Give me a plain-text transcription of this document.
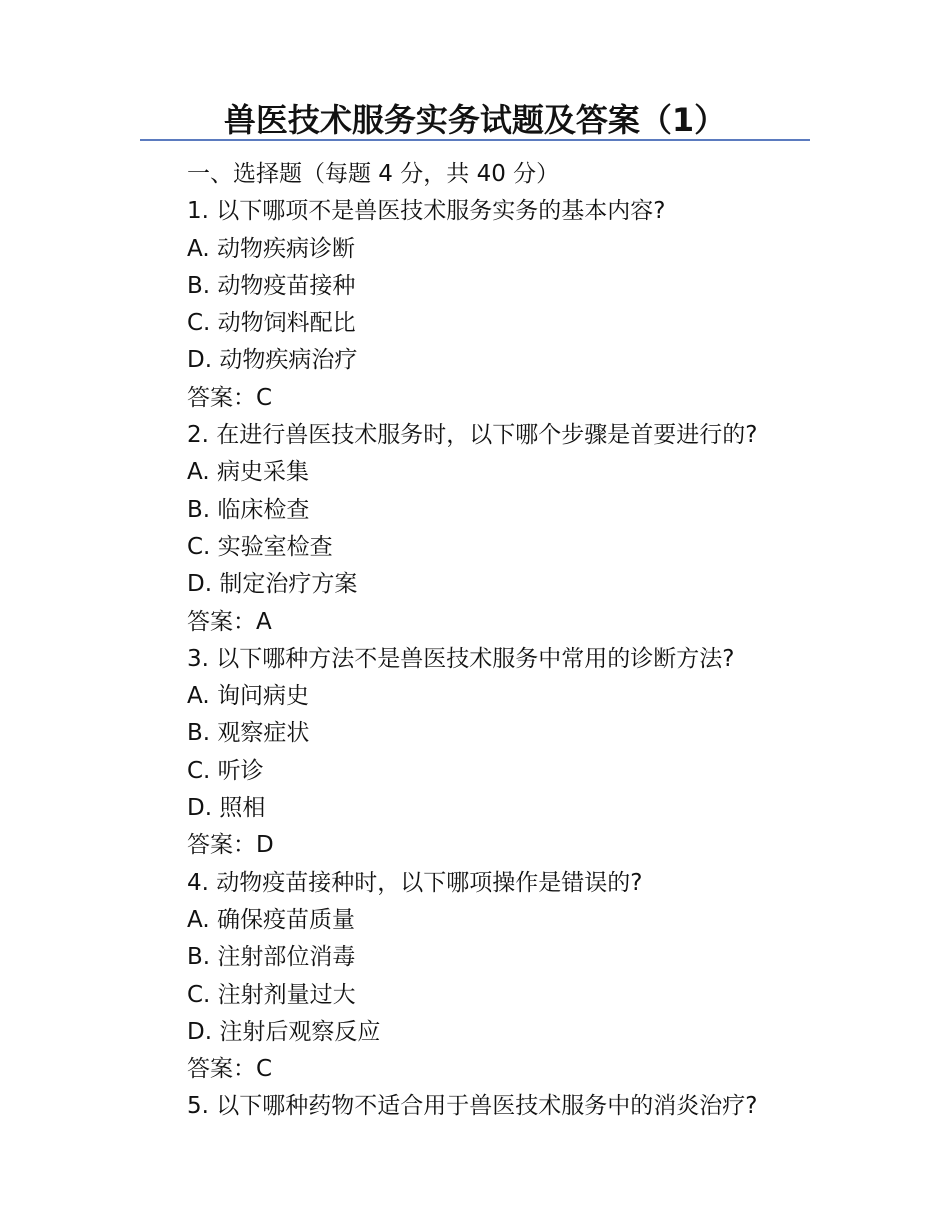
兽医技术服务实务试题及答案（1）
一、选择题（每题 4 分，共 40 分）
1. 以下哪项不是兽医技术服务实务的基本内容?
A. 动物疾病诊断
B. 动物疫苗接种
C. 动物饲料配比
D. 动物疾病治疗
答案：C
2. 在进行兽医技术服务时，以下哪个步骤是首要进行的?
A. 病史采集
B. 临床检查
C. 实验室检查
D. 制定治疗方案
答案：A
3. 以下哪种方法不是兽医技术服务中常用的诊断方法?
A. 询问病史
B. 观察症状
C. 听诊
D. 照相
答案：D
4. 动物疫苗接种时，以下哪项操作是错误的?
A. 确保疫苗质量
B. 注射部位消毒
C. 注射剂量过大
D. 注射后观察反应
答案：C
5. 以下哪种药物不适合用于兽医技术服务中的消炎治疗?
